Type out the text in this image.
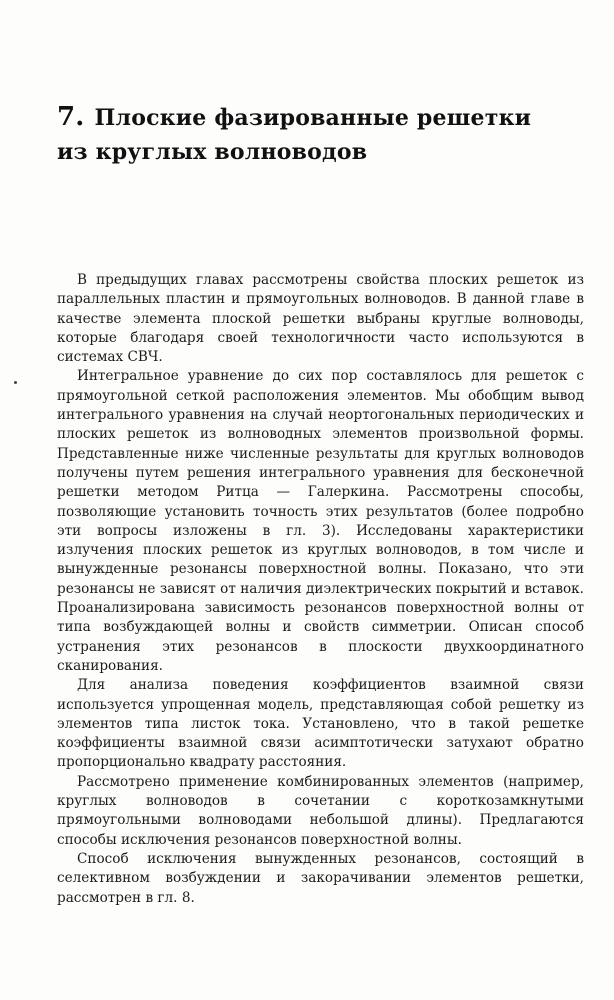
7. Плоские фазированные решетки
из круглых волноводов

В предыдущих главах рассмотрены свойства плоских решеток из параллельных пластин и прямоугольных волноводов. В данной главе в качестве элемента плоской решетки выбраны круглые волноводы, которые благодаря своей технологичности часто используются в системах СВЧ.

Интегральное уравнение до сих пор составлялось для решеток с прямоугольной сеткой расположения элементов. Мы обобщим вывод интегрального уравнения на случай неортогональных периодических и плоских решеток из волноводных элементов произвольной формы. Представленные ниже численные результаты для круглых волноводов получены путем решения интегрального уравнения для бесконечной решетки методом Ритца — Галеркина. Рассмотрены способы, позволяющие установить точность этих результатов (более подробно эти вопросы изложены в гл. 3). Исследованы характеристики излучения плоских решеток из круглых волноводов, в том числе и вынужденные резонансы поверхностной волны. Показано, что эти резонансы не зависят от наличия диэлектрических покрытий и вставок. Проанализирована зависимость резонансов поверхностной волны от типа возбуждающей волны и свойств симметрии. Описан способ устранения этих резонансов в плоскости двухкоординатного сканирования.

Для анализа поведения коэффициентов взаимной связи используется упрощенная модель, представляющая собой решетку из элементов типа листок тока. Установлено, что в такой решетке коэффициенты взаимной связи асимптотически затухают обратно пропорционально квадрату расстояния.

Рассмотрено применение комбинированных элементов (например, круглых волноводов в сочетании с короткозамкнутыми прямоугольными волноводами небольшой длины). Предлагаются способы исключения резонансов поверхностной волны.

Способ исключения вынужденных резонансов, состоящий в селективном возбуждении и закорачивании элементов решетки, рассмотрен в гл. 8.
